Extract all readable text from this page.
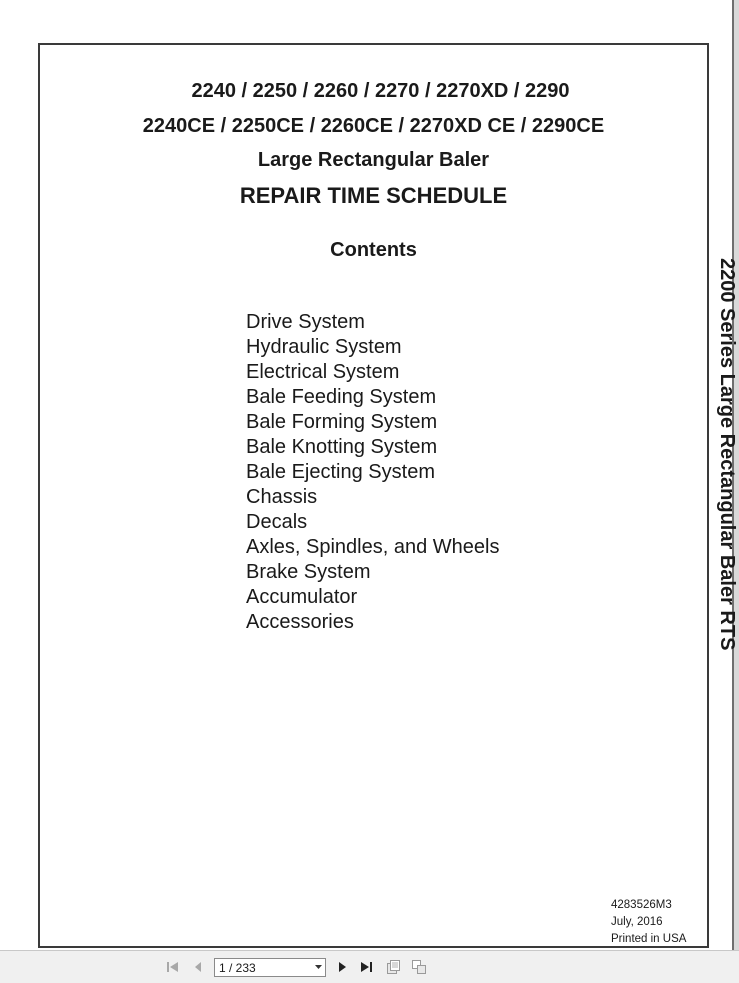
2240 / 2250 / 2260 / 2270 / 2270XD / 2290
2240CE / 2250CE / 2260CE / 2270XD CE / 2290CE
Large Rectangular Baler
REPAIR TIME SCHEDULE
Contents
Drive System
Hydraulic System
Electrical System
Bale Feeding System
Bale Forming System
Bale Knotting System
Bale Ejecting System
Chassis
Decals
Axles, Spindles, and Wheels
Brake System
Accumulator
Accessories
4283526M3
July, 2016
Printed in USA
2200 Series Large Rectangular Baler RTS
1 / 233
